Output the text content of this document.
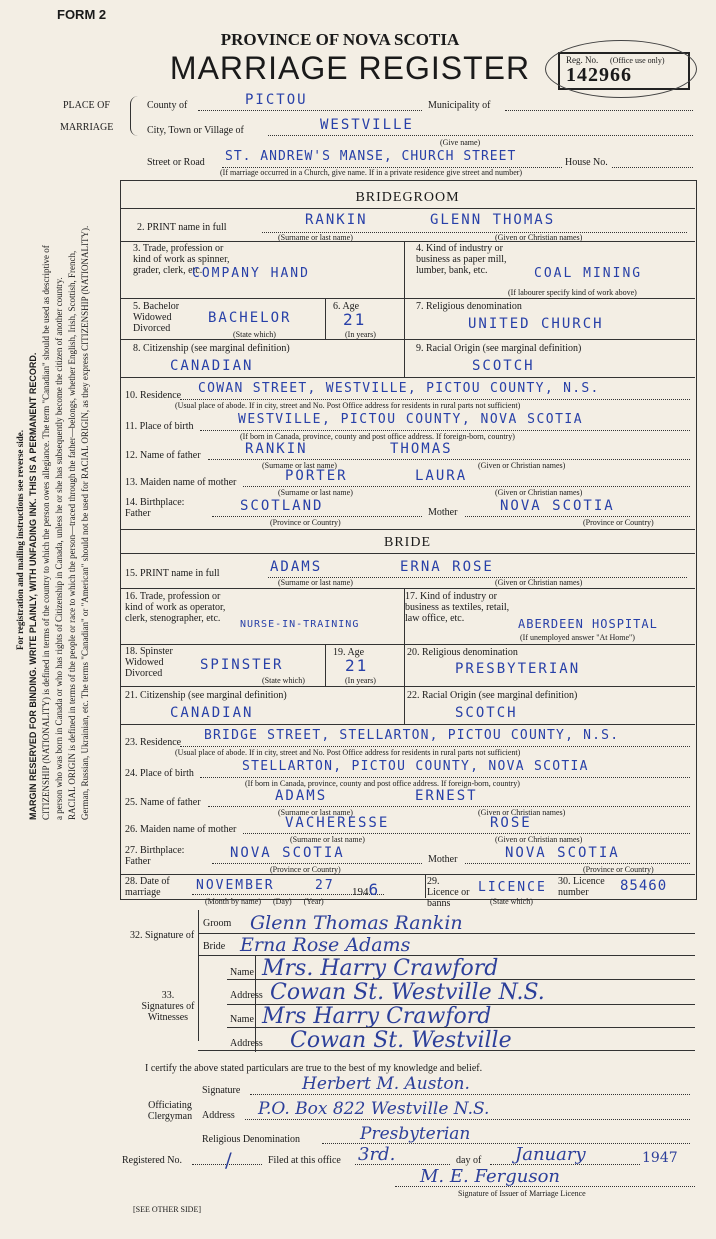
FORM 2
PROVINCE OF NOVA SCOTIA
MARRIAGE REGISTER	Reg. No. (Office use only)
142966
PLACE OF
MARRIAGE
County of	PICTOU	Municipality of
City, Town or Village of	WESTVILLE
(Give name)
Street or Road ST. ANDREW'S MANSE, CHURCH STREET	House No.
(If marriage occurred in a Church, give name. If in a private residence give street and number)
For registration and mailing instructions see reverse side. MARGIN RESERVED FOR BINDING. WRITE PLAINLY, WITH UNFADING INK. THIS IS A PERMANENT RECORD. CITIZENSHIP (NATIONALITY) is defined in terms of the country to which the person owes allegiance. The term "Canadian" should be used as descriptive of a person who was born in Canada or who has rights of Citizenship in Canada, unless he or she has subsequently become the citizen of another country. RACIAL ORIGIN is defined in terms of the people or race to which the person—traced through the father—belongs, whether English, Irish, Scottish, French, German, Russian, Ukrainian, etc. The terms "Canadian" or "American" should not be used for RACIAL ORIGIN, as they express CITIZENSHIP (NATIONALITY).
BRIDEGROOM
2. PRINT name in full	RANKIN	GLENN THOMAS
(Surname or last name)	(Given or Christian names)
3. Trade, profession or kind of work as spinner, grader, clerk, etc.
COMPANY HAND
4. Kind of industry or business as paper mill, lumber, bank, etc.	COAL MINING
(If labourer specify kind of work above)
5. Bachelor Widowed Divorced
BACHELOR
(State which)
6. Age
21
(In years)
7. Religious denomination
UNITED CHURCH
8. Citizenship (see marginal definition)
CANADIAN
9. Racial Origin (see marginal definition)
SCOTCH
10. Residence COWAN STREET, WESTVILLE, PICTOU COUNTY, N.S.
(Usual place of abode. If in city, street and No. Post Office address for residents in rural parts not sufficient)
11. Place of birth	WESTVILLE, PICTOU COUNTY, NOVA SCOTIA
(If born in Canada, province, county and post office address. If foreign-born, country)
12. Name of father	RANKIN	THOMAS
(Surname or last name)	(Given or Christian names)
13. Maiden name of mother	PORTER	LAURA
(Surname or last name)	(Given or Christian names)
14. Birthplace: Father	SCOTLAND
(Province or Country)
Mother	NOVA SCOTIA
(Province or Country)
BRIDE
15. PRINT name in full	ADAMS	ERNA ROSE
(Surname or last name)	(Given or Christian names)
16. Trade, profession or kind of work as operator, clerk, stenographer, etc.
NURSE-IN-TRAINING
17. Kind of industry or business as textiles, retail, law office, etc.	ABERDEEN HOSPITAL
(If unemployed answer "At Home")
18. Spinster Widowed Divorced
SPINSTER
(State which)
19. Age
21
(In years)
20. Religious denomination
PRESBYTERIAN
21. Citizenship (see marginal definition)
CANADIAN
22. Racial Origin (see marginal definition)
SCOTCH
23. Residence BRIDGE STREET, STELLARTON, PICTOU COUNTY, N.S.
(Usual place of abode. If in city, street and No. Post Office address for residents in rural parts not sufficient)
24. Place of birth	STELLARTON, PICTOU COUNTY, NOVA SCOTIA
(If born in Canada, province, county and post office address. If foreign-born, country)
25. Name of father	ADAMS	ERNEST
(Surname or last name)	(Given or Christian names)
26. Maiden name of mother	VACHERESSE	ROSE
(Surname or last name)	(Given or Christian names)
27. Birthplace: Father
NOVA SCOTIA
(Province or Country)
Mother	NOVA SCOTIA
(Province or Country)
28. Date of marriage	NOVEMBER	27 1946
(Month by name)      (Day)      (Year)
29. Licence or banns
LICENCE
(State which)
30. Licence number	85460
32. Signature of
Groom Glenn Thomas Rankin
Bride Erna Rose Adams
33. Signatures of Witnesses
Name Mrs. Harry Crawford
Address Cowan St. Westville N.S.
Name Mrs Harry Crawford
Address Cowan St. Westville
I certify the above stated particulars are true to the best of my knowledge and belief.
Officiating Clergyman
Signature	Herbert M. Auston.
Address P.O. Box 822 Westville N.S.
Religious Denomination	Presbyterian
Registered No. /	Filed at this office 3rd.	day of January	1947
M. E. Ferguson
Signature of Issuer of Marriage Licence
[SEE OTHER SIDE]
